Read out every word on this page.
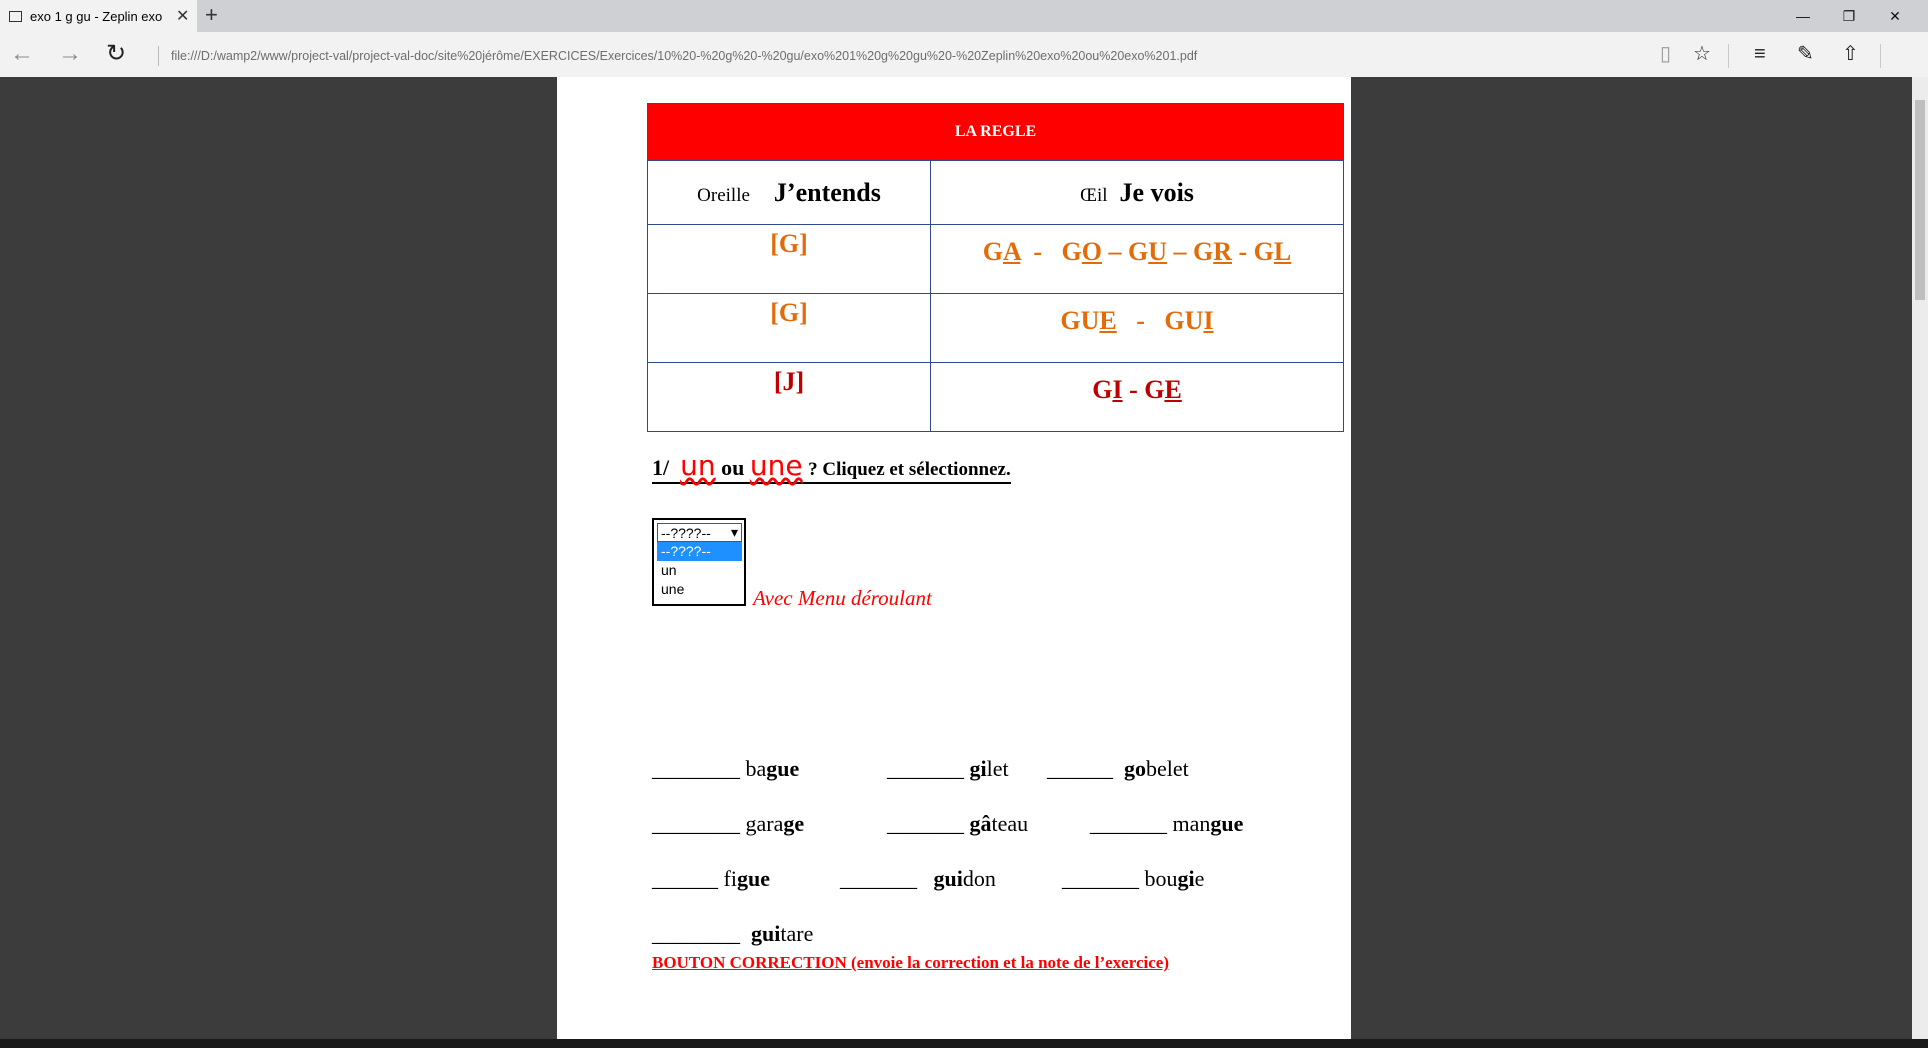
exo 1 g gu - Zeplin exo ✕ +	—	❐	✕
← → ↻	file:///D:/wamp2/www/project-val/project-val-doc/site%20jérôme/EXERCICES/Exercices/10%20-%20g%20-%20gu/exo%201%20g%20gu%20-%20Zeplin%20exo%20ou%20exo%201.pdf	▯ ☆ ≡ ✎ ⇧
LA REGLE	
Oreille J’entends	Œil Je vois
[G]	GA  -   GO – GU – GR - GL
[G]	GUE   -   GUI
[J]	GI - GE
1/ un ou une ? Cliquez et sélectionnez.
--????-- ▾
--????--
un
une	Avec Menu déroulant
________ bague	_______ gilet ______ gobelet
________ garage	_______ gâteau	_______ mangue
______ figue	_______ guidon	_______ bougie
________ guitare
BOUTON CORRECTION (envoie la correction et la note de l’exercice)
